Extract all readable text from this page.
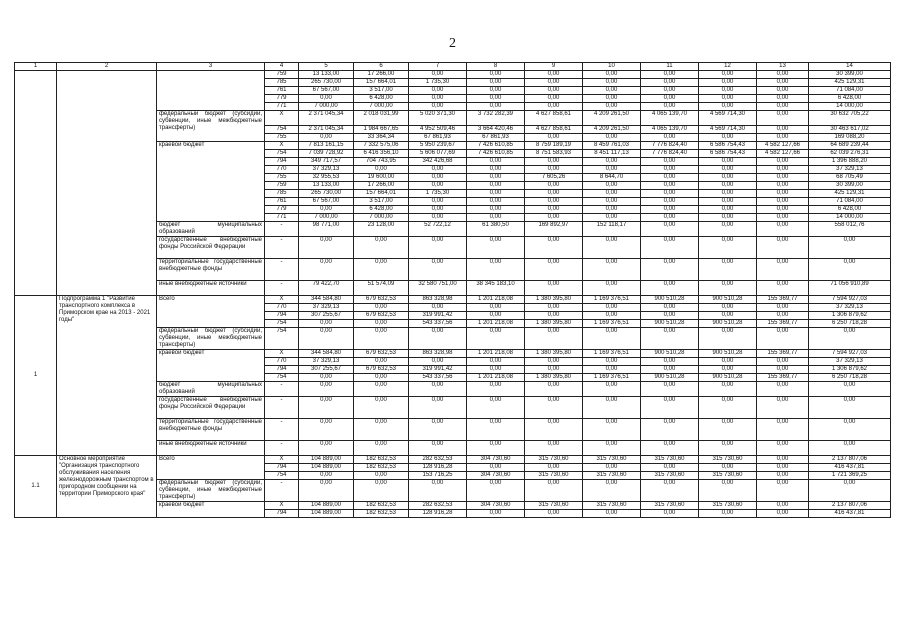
2
1	2	3	4	5	6	7	8	9	10	11	12	13	14
			759	13 133,00	17 266,00	0,00	0,00	0,00	0,00	0,00	0,00	0,00	30 399,00
			785	265 730,00	157 664,01	1 735,30	0,00	0,00	0,00	0,00	0,00	0,00	425 129,31
			761	67 567,00	3 517,00	0,00	0,00	0,00	0,00	0,00	0,00	0,00	71 084,00
			779	0,00	6 428,00	0,00	0,00	0,00	0,00	0,00	0,00	0,00	6 428,00
			771	7 000,00	7 000,00	0,00	0,00	0,00	0,00	0,00	0,00	0,00	14 000,00
		федеральный бюджет (субсидии, субвенции, иные межбюджетные трансферты)	X	2 371 045,34	2 018 031,99	5 020 371,30	3 732 282,39	4 627 858,61	4 209 261,50	4 065 139,70	4 569 714,30	0,00	30 632 705,22
			754	2 371 045,34	1 984 667,65	4 952 509,46	3 664 420,46	4 627 858,61	4 209 261,50	4 065 139,70	4 569 714,30	0,00	30 463 617,02
			755	0,00	33 364,34	67 861,93	67 861,93	0,00	0,00	0,00	0,00	0,00	169 088,20
		краевой бюджет	X	7 813 161,15	7 332 575,06	5 950 239,67	7 426 610,85	8 759 189,19	8 459 761,03	7 776 824,40	6 586 754,43	4 582 127,66	64 689 239,44
			754	7 039 728,92	6 416 356,10	5 606 077,69	7 426 610,85	8 751 583,93	8 451 117,13	7 776 824,40	6 586 754,43	4 582 127,66	62 039 276,31
			794	349 717,57	704 743,95	342 426,68	0,00	0,00	0,00	0,00	0,00	0,00	1 396 888,20
			770	37 329,13	0,00	0,00	0,00	0,00	0,00	0,00	0,00	0,00	37 329,13
			755	32 955,53	19 600,00	0,00	0,00	7 605,26	8 644,70	0,00	0,00	0,00	68 705,49
			759	13 133,00	17 266,00	0,00	0,00	0,00	0,00	0,00	0,00	0,00	30 399,00
			785	265 730,00	157 664,01	1 735,30	0,00	0,00	0,00	0,00	0,00	0,00	425 129,31
			761	67 567,00	3 517,00	0,00	0,00	0,00	0,00	0,00	0,00	0,00	71 084,00
			779	0,00	6 428,00	0,00	0,00	0,00	0,00	0,00	0,00	0,00	6 428,00
			771	7 000,00	7 000,00	0,00	0,00	0,00	0,00	0,00	0,00	0,00	14 000,00
		бюджет муниципальных образований	-	98 771,00	23 128,00	52 722,12	61 380,50	169 892,97	152 118,17	0,00	0,00	0,00	558 012,76
		государственные внебюджетные фонды Российской Федерации	-	0,00	0,00	0,00	0,00	0,00	0,00	0,00	0,00	0,00	0,00
		территориальные государственные внебюджетные фонды	-	0,00	0,00	0,00	0,00	0,00	0,00	0,00	0,00	0,00	0,00
		иные внебюджетные источники	-	79 422,70	51 574,09	32 580 751,00	38 345 183,10	0,00	0,00	0,00	0,00	0,00	71 056 910,89
1	Подпрограмма 1 "Развитие транспортного комплекса в Приморском крае на 2013 - 2021 годы"	Всего	X	344 584,80	679 632,53	863 328,98	1 201 218,08	1 380 395,80	1 169 376,51	900 510,28	900 510,28	155 369,77	7 594 927,03
			770	37 329,13	0,00	0,00	0,00	0,00	0,00	0,00	0,00	0,00	37 329,13
			794	307 255,67	679 632,53	319 991,42	0,00	0,00	0,00	0,00	0,00	0,00	1 306 879,62
			754	0,00	0,00	543 337,56	1 201 218,08	1 380 395,80	1 169 376,51	900 510,28	900 510,28	155 369,77	6 250 718,28
		федеральный бюджет (субсидии, субвенции, иные межбюджетные трансферты)	754	0,00	0,00	0,00	0,00	0,00	0,00	0,00	0,00	0,00	0,00
		краевой бюджет	X	344 584,80	679 632,53	863 328,98	1 201 218,08	1 380 395,80	1 169 376,51	900 510,28	900 510,28	155 369,77	7 594 927,03
			770	37 329,13	0,00	0,00	0,00	0,00	0,00	0,00	0,00	0,00	37 329,13
			794	307 255,67	679 632,53	319 991,42	0,00	0,00	0,00	0,00	0,00	0,00	1 306 879,62
			754	0,00	0,00	543 337,56	1 201 218,08	1 380 395,80	1 169 376,51	900 510,28	900 510,28	155 369,77	6 250 718,28
		бюджет муниципальных образований	-	0,00	0,00	0,00	0,00	0,00	0,00	0,00	0,00	0,00	0,00
		государственные внебюджетные фонды Российской Федерации	-	0,00	0,00	0,00	0,00	0,00	0,00	0,00	0,00	0,00	0,00
		территориальные государственные внебюджетные фонды	-	0,00	0,00	0,00	0,00	0,00	0,00	0,00	0,00	0,00	0,00
		иные внебюджетные источники	-	0,00	0,00	0,00	0,00	0,00	0,00	0,00	0,00	0,00	0,00
1.1	Основное мероприятие "Организация транспортного обслуживания населения железнодорожным транспортом в пригородном сообщении на территории Приморского края"	Всего	X	104 889,00	182 632,53	282 632,53	304 730,60	315 730,60	315 730,60	315 730,60	315 730,60	0,00	2 137 807,06
			794	104 889,00	182 632,53	128 916,28	0,00	0,00	0,00	0,00	0,00	0,00	416 437,81
			754	0,00	0,00	153 716,25	304 730,60	315 730,60	315 730,60	315 730,60	315 730,60	0,00	1 721 369,25
		федеральный бюджет (субсидии, субвенции, иные межбюджетные трансферты)	-	0,00	0,00	0,00	0,00	0,00	0,00	0,00	0,00	0,00	0,00
		краевой бюджет	X	104 889,00	182 632,53	282 632,53	304 730,60	315 730,60	315 730,60	315 730,60	315 730,60	0,00	2 137 807,06
			794	104 889,00	182 632,53	128 916,28	0,00	0,00	0,00	0,00	0,00	0,00	416 437,81
